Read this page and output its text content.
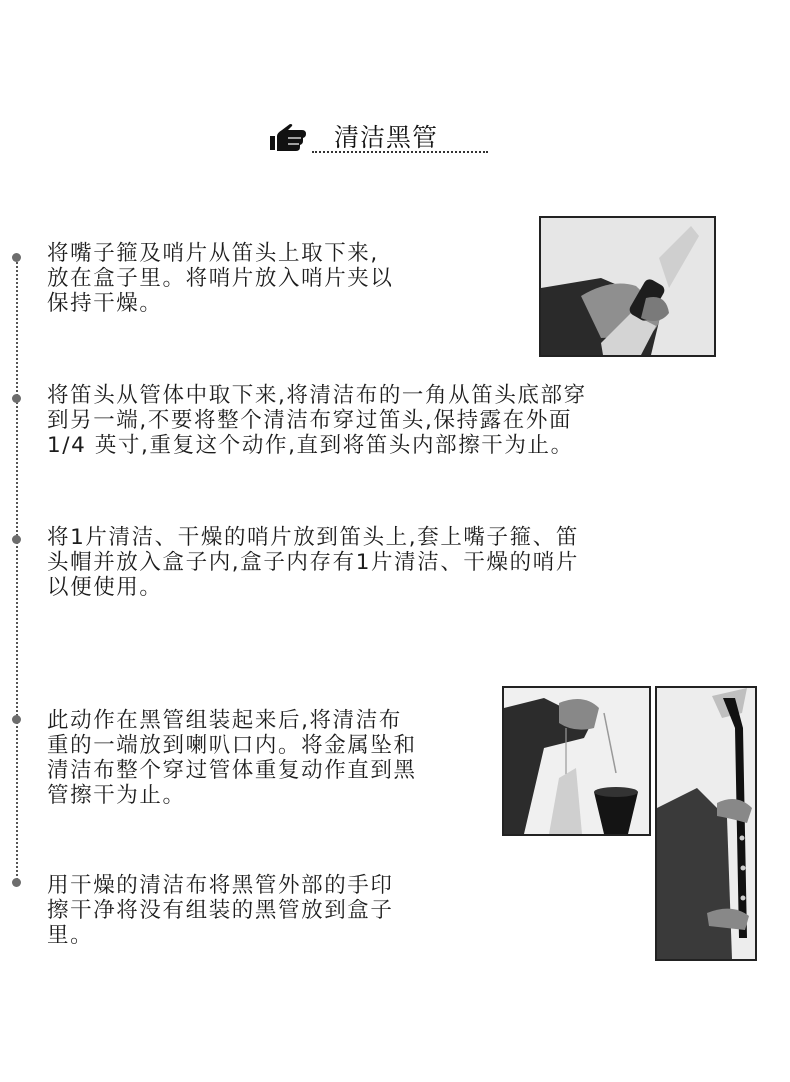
清洁黑管
将嘴子箍及哨片从笛头上取下来,
放在盒子里。将哨片放入哨片夹以
保持干燥。
将笛头从管体中取下来,将清洁布的一角从笛头底部穿
到另一端,不要将整个清洁布穿过笛头,保持露在外面
1/4 英寸,重复这个动作,直到将笛头内部擦干为止。
将1片清洁、干燥的哨片放到笛头上,套上嘴子箍、笛
头帽并放入盒子内,盒子内存有1片清洁、干燥的哨片
以便使用。
此动作在黑管组装起来后,将清洁布
重的一端放到喇叭口内。将金属坠和
清洁布整个穿过管体重复动作直到黑
管擦干为止。
用干燥的清洁布将黑管外部的手印
擦干净将没有组装的黑管放到盒子
里。
